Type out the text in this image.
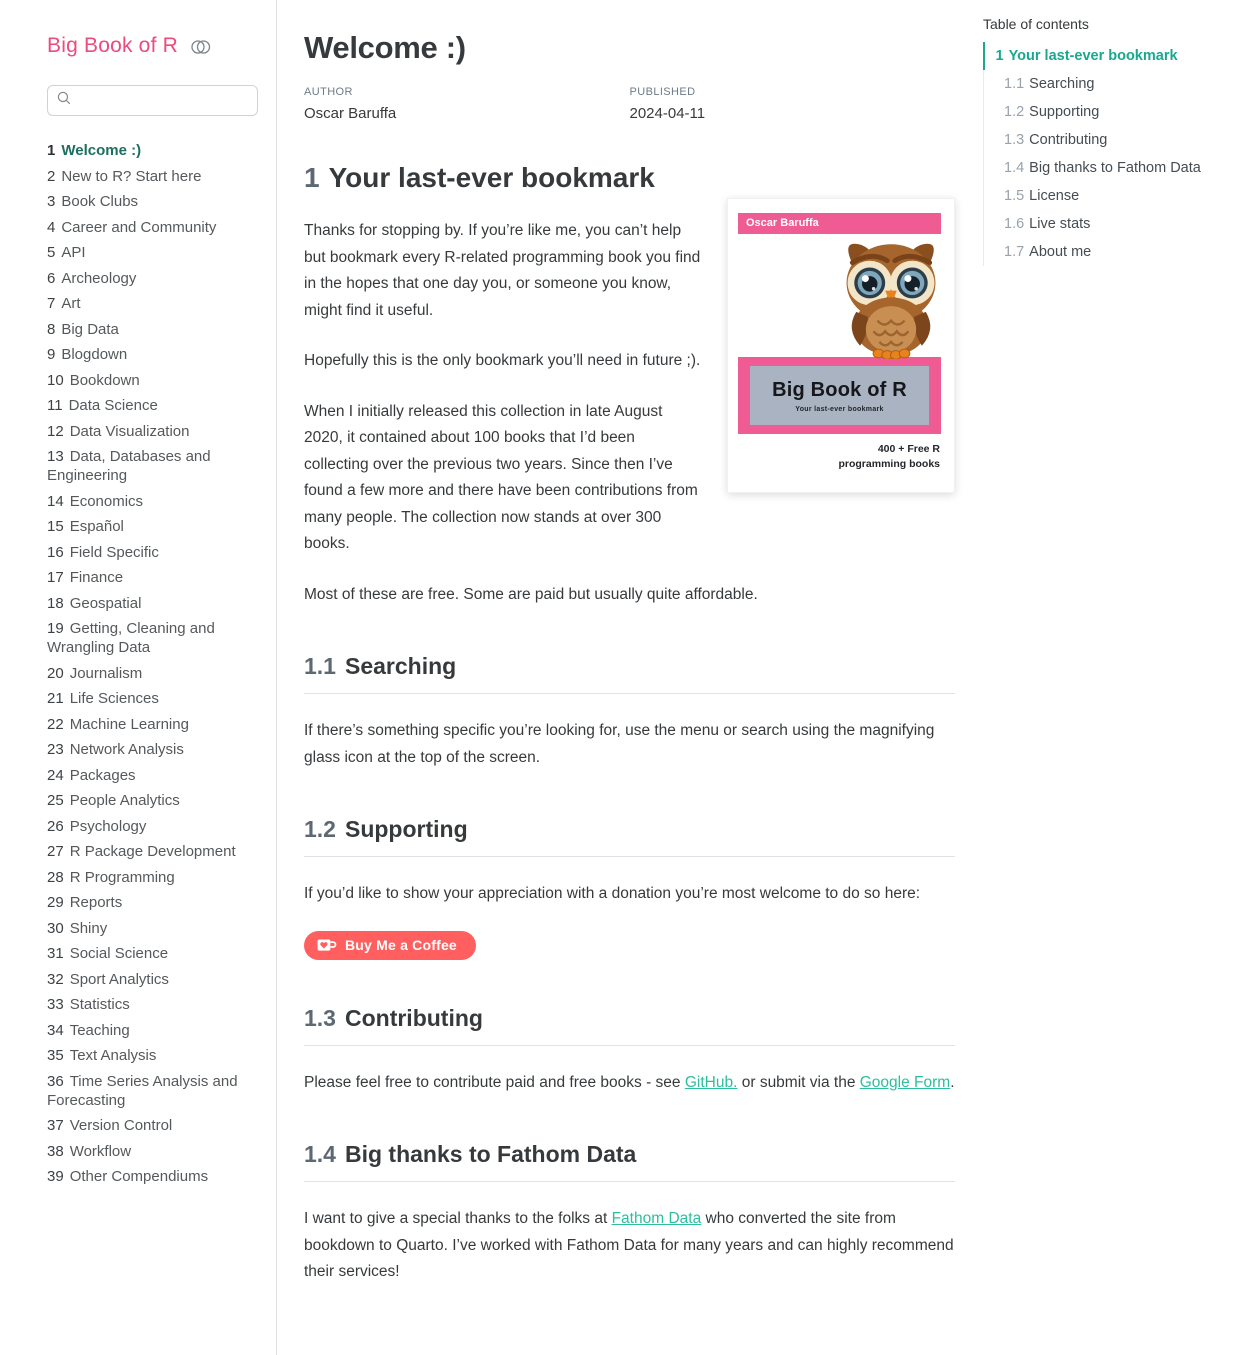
Big Book of R
1 Welcome :)
2 New to R? Start here
3 Book Clubs
4 Career and Community
5 API
6 Archeology
7 Art
8 Big Data
9 Blogdown
10 Bookdown
11 Data Science
12 Data Visualization
13 Data, Databases and Engineering
14 Economics
15 Español
16 Field Specific
17 Finance
18 Geospatial
19 Getting, Cleaning and Wrangling Data
20 Journalism
21 Life Sciences
22 Machine Learning
23 Network Analysis
24 Packages
25 People Analytics
26 Psychology
27 R Package Development
28 R Programming
29 Reports
30 Shiny
31 Social Science
32 Sport Analytics
33 Statistics
34 Teaching
35 Text Analysis
36 Time Series Analysis and Forecasting
37 Version Control
38 Workflow
39 Other Compendiums
Welcome :)
AUTHOR
Oscar Baruffa
PUBLISHED
2024-04-11
1 Your last-ever bookmark
Oscar Baruffa
Big Book of R
Your last-ever bookmark
400 + Free R
programming books

Thanks for stopping by. If you’re like me, you can’t help but bookmark every R-related programming book you find in the hopes that one day you, or someone you know, might find it useful.

Hopefully this is the only bookmark you’ll need in future ;).

When I initially released this collection in late August 2020, it contained about 100 books that I’d been collecting over the previous two years. Since then I’ve found a few more and there have been contributions from many people. The collection now stands at over 300 books.

Most of these are free. Some are paid but usually quite affordable.

1.1 Searching

If there’s something specific you’re looking for, use the menu or search using the magnifying glass icon at the top of the screen.

1.2 Supporting

If you’d like to show your appreciation with a donation you’re most welcome to do so here:

Buy Me a Coffee
1.3 Contributing

Please feel free to contribute paid and free books - see GitHub. or submit via the Google Form.

1.4 Big thanks to Fathom Data

I want to give a special thanks to the folks at Fathom Data who converted the site from bookdown to Quarto. I’ve worked with Fathom Data for many years and can highly recommend their services!

Table of contents
1 Your last-ever bookmark
1.1 Searching
1.2 Supporting
1.3 Contributing
1.4 Big thanks to Fathom Data
1.5 License
1.6 Live stats
1.7 About me
